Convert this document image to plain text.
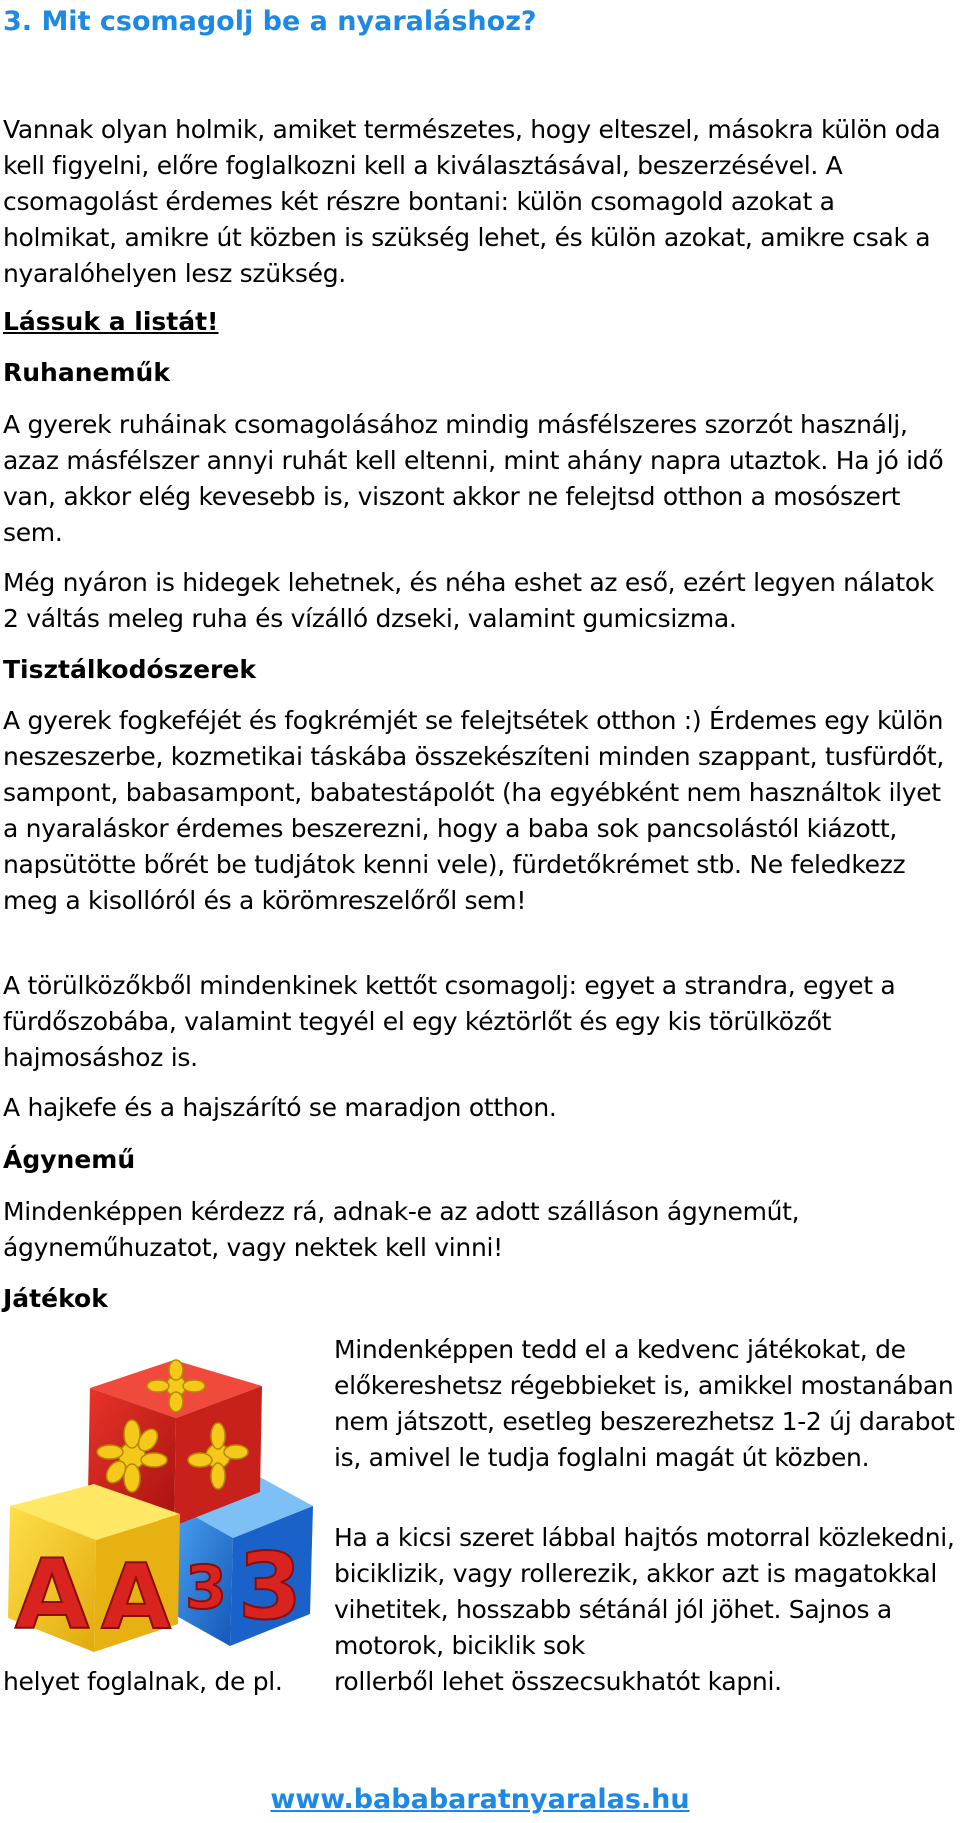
3. Mit csomagolj be a nyaraláshoz?

Vannak olyan holmik, amiket természetes, hogy elteszel, másokra külön oda kell figyelni, előre foglalkozni kell a kiválasztásával, beszerzésével. A csomagolást érdemes két részre bontani: külön csomagold azokat a holmikat, amikre út közben is szükség lehet, és külön azokat, amikre csak a nyaralóhelyen lesz szükség.

Lássuk a listát!
Ruhaneműk

A gyerek ruháinak csomagolásához mindig másfélszeres szorzót használj, azaz másfélszer annyi ruhát kell eltenni, mint ahány napra utaztok. Ha jó idő van, akkor elég kevesebb is, viszont akkor ne felejtsd otthon a mosószert sem.

Még nyáron is hidegek lehetnek, és néha eshet az eső, ezért legyen nálatok 2 váltás meleg ruha és vízálló dzseki, valamint gumicsizma.

Tisztálkodószerek

A gyerek fogkeféjét és fogkrémjét se felejtsétek otthon :) Érdemes egy külön neszeszerbe, kozmetikai táskába összekészíteni minden szappant, tusfürdőt, sampont, babasampont, babatestápolót (ha egyébként nem használtok ilyet a nyaraláskor érdemes beszerezni, hogy a baba sok pancsolástól kiázott, napsütötte bőrét be tudjátok kenni vele), fürdetőkrémet stb. Ne feledkezz meg a kisollóról és a körömreszelőről sem!

A törülközőkből mindenkinek kettőt csomagolj: egyet a strandra, egyet a fürdőszobába, valamint tegyél el egy kéztörlőt és egy kis törülközőt hajmosáshoz is.

A hajkefe és a hajszárító se maradjon otthon.

Ágynemű

Mindenképpen kérdezz rá, adnak-e az adott szálláson ágyneműt, ágyneműhuzatot, vagy nektek kell vinni!

Játékok
3
3
A A

Mindenképpen tedd el a kedvenc játékokat, de előkereshetsz régebbieket is, amikkel mostanában nem játszott, esetleg beszerezhetsz 1-2 új darabot is, amivel le tudja foglalni magát út közben.

Ha a kicsi szeret lábbal hajtós motorral közlekedni, biciklizik, vagy rollerezik, akkor azt is magatokkal vihetitek, hosszabb sétánál jól jöhet. Sajnos a motorok, biciklik sok

helyet foglalnak, de pl.	rollerből lehet összecsukhatót kapni.
www.bababaratnyaralas.hu
